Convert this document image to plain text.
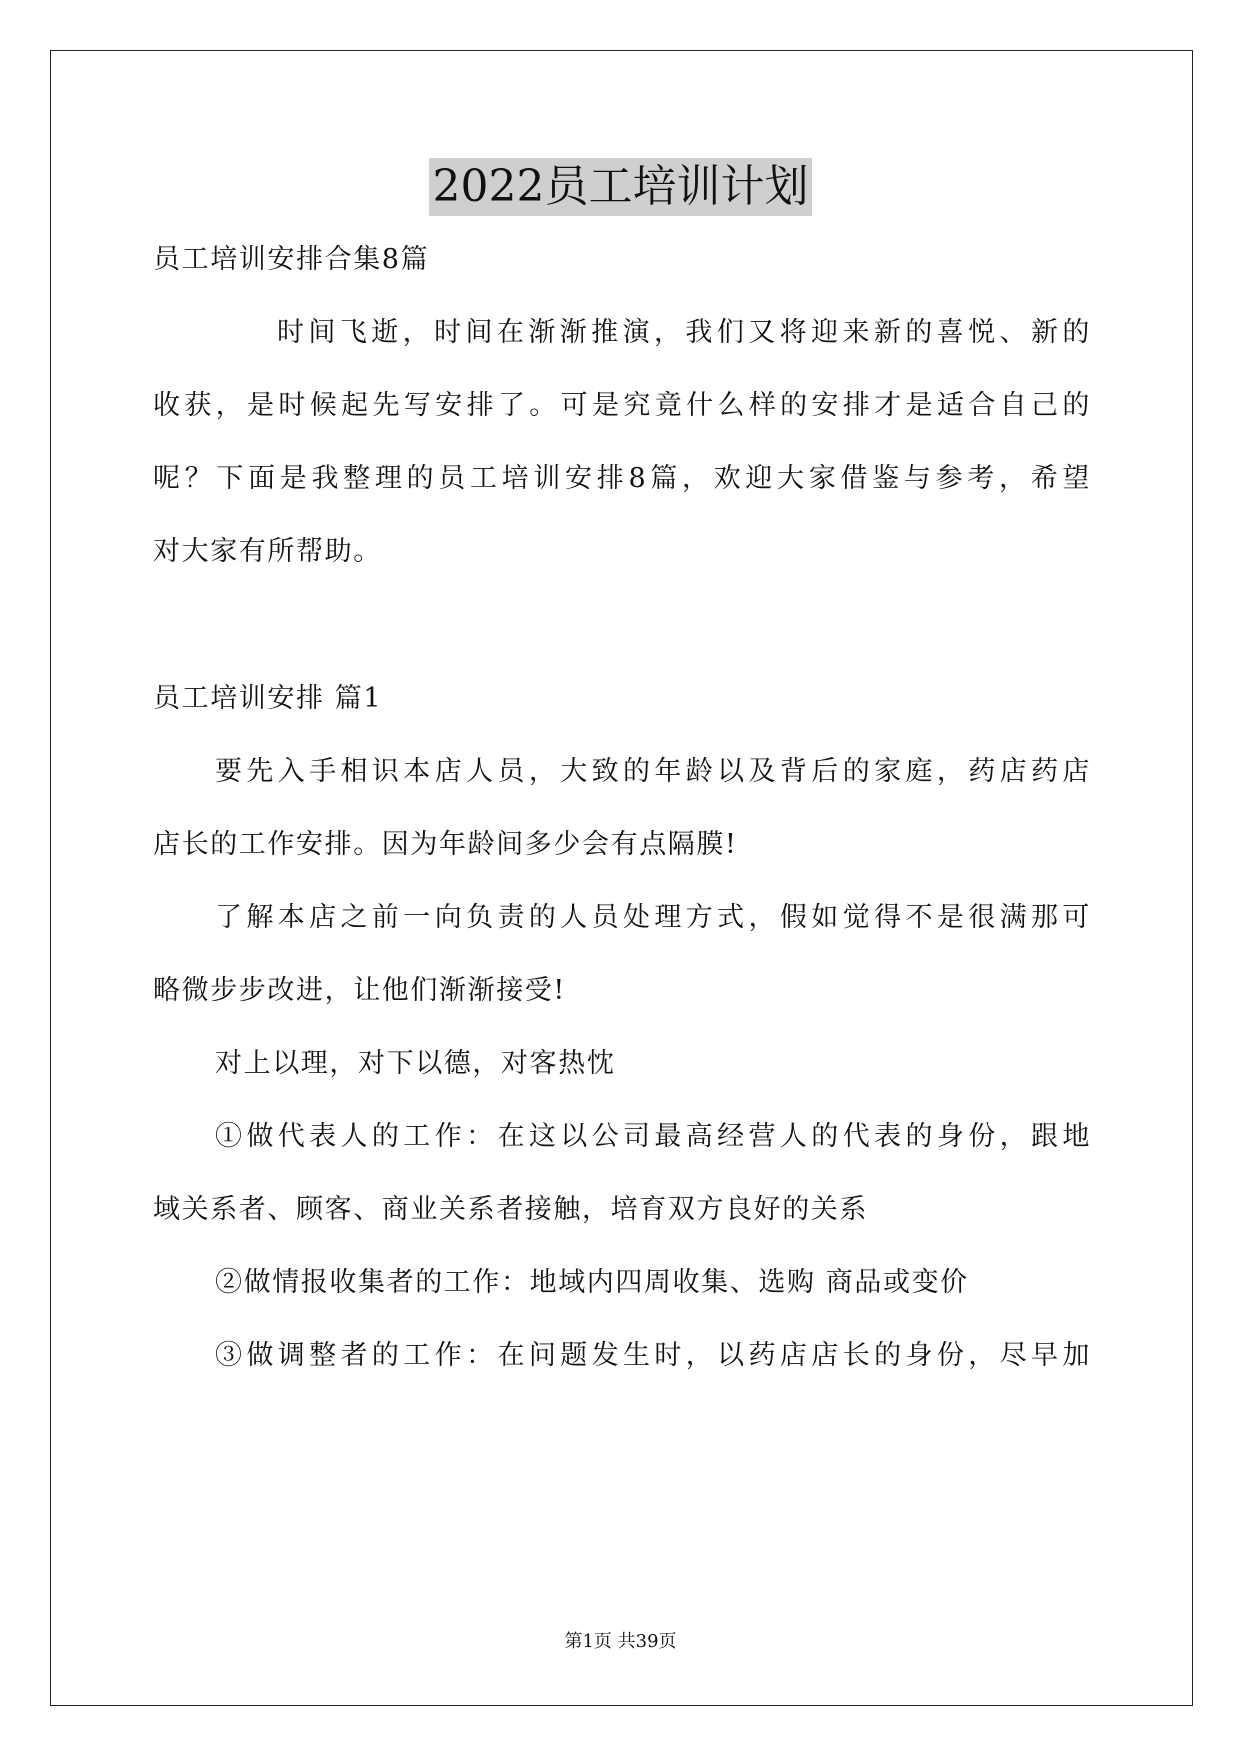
2022员工培训计划
员工培训安排合集8篇
时间飞逝，时间在渐渐推演，我们又将迎来新的喜悦、新的
收获，是时候起先写安排了。可是究竟什么样的安排才是适合自己的
呢？下面是我整理的员工培训安排8篇，欢迎大家借鉴与参考，希望
对大家有所帮助。
员工培训安排 篇1
要先入手相识本店人员，大致的年龄以及背后的家庭，药店药店
店长的工作安排。因为年龄间多少会有点隔膜!
了解本店之前一向负责的人员处理方式，假如觉得不是很满那可
略微步步改进，让他们渐渐接受!
对上以理，对下以德，对客热忱
①做代表人的工作：在这以公司最高经营人的代表的身份，跟地
域关系者、顾客、商业关系者接触，培育双方良好的关系
②做情报收集者的工作：地域内四周收集、选购 商品或变价
③做调整者的工作：在问题发生时，以药店店长的身份，尽早加
第1页 共39页
